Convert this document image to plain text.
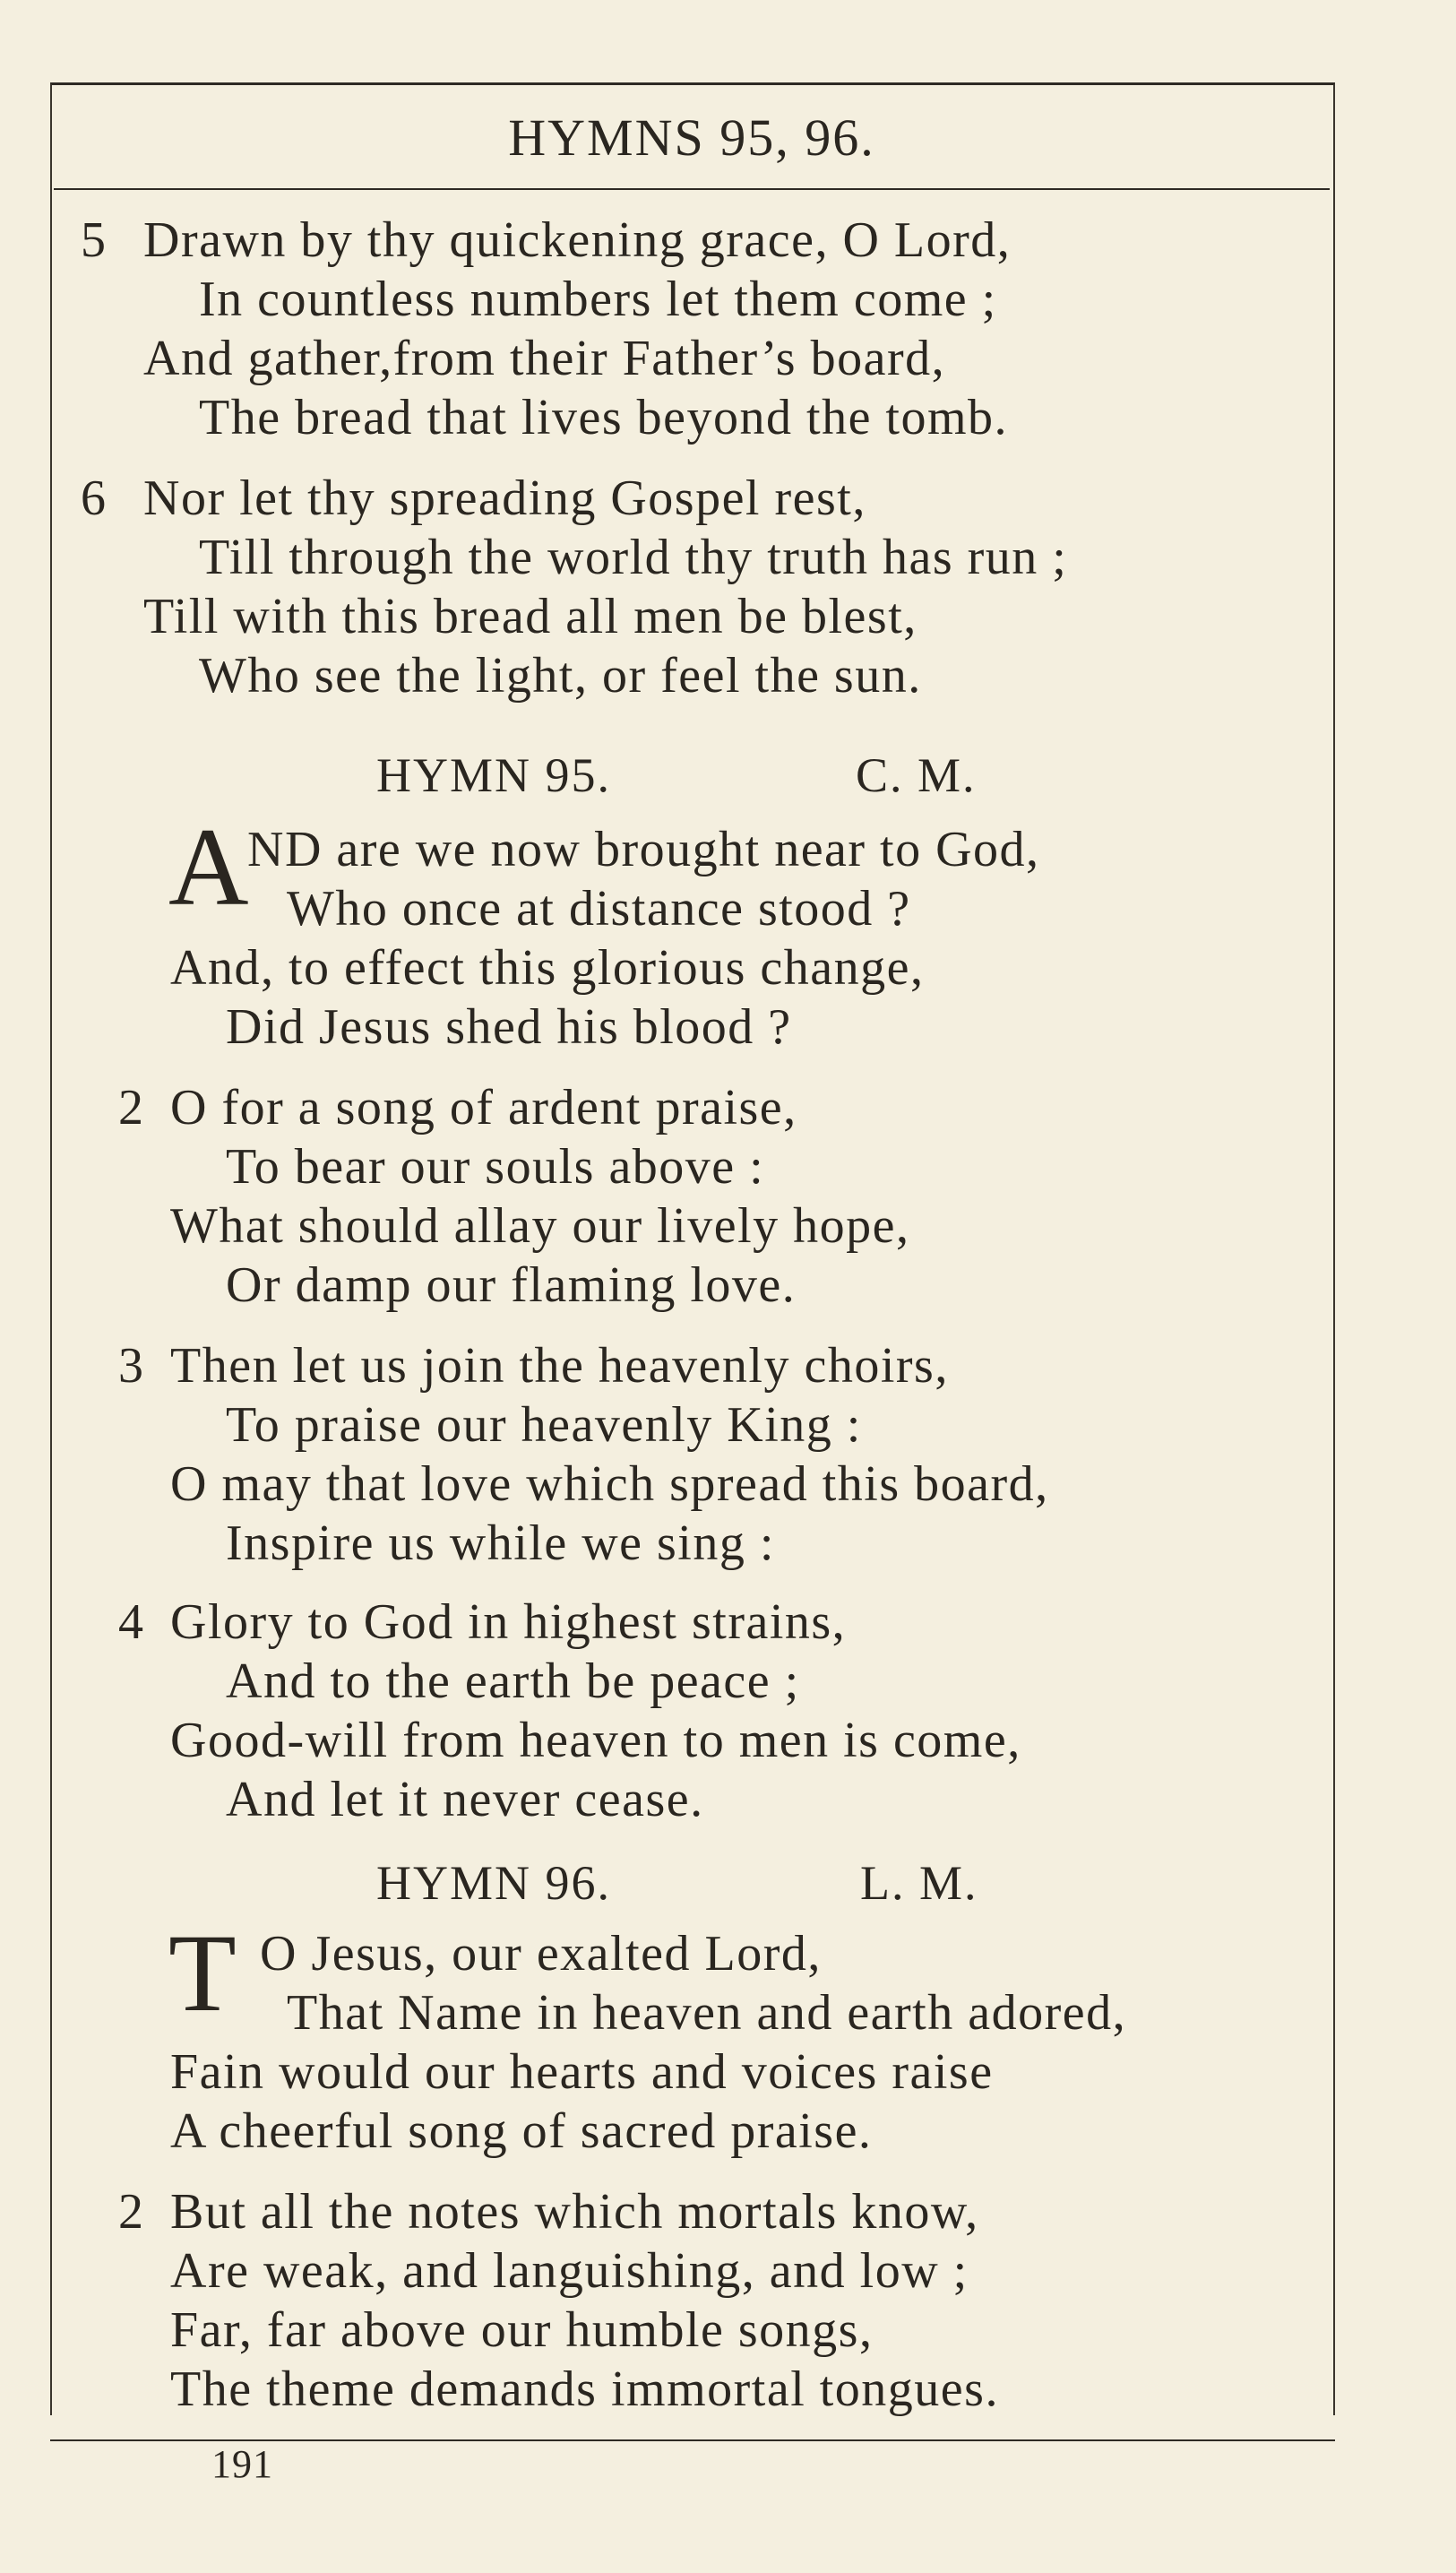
HYMNS 95, 96.
5 Drawn by thy quickening grace, O Lord,
In countless numbers let them come ;
And gather,from their Father’s board,
The bread that lives beyond the tomb.
6 Nor let thy spreading Gospel rest,
Till through the world thy truth has run ;
Till with this bread all men be blest,
Who see the light, or feel the sun.
HYMN 95.	C. M.
A
ND are we now brought near to God,
Who once at distance stood ?
And, to effect this glorious change,
Did Jesus shed his blood ?
2 O for a song of ardent praise,
To bear our souls above :
What should allay our lively hope,
Or damp our flaming love.
3 Then let us join the heavenly choirs,
To praise our heavenly King :
O may that love which spread this board,
Inspire us while we sing :
4 Glory to God in highest strains,
And to the earth be peace ;
Good-will from heaven to men is come,
And let it never cease.
HYMN 96.	L. M.
T O Jesus, our exalted Lord,
That Name in heaven and earth adored,
Fain would our hearts and voices raise
A cheerful song of sacred praise.
2 But all the notes which mortals know,
Are weak, and languishing, and low ;
Far, far above our humble songs,
The theme demands immortal tongues.
191
